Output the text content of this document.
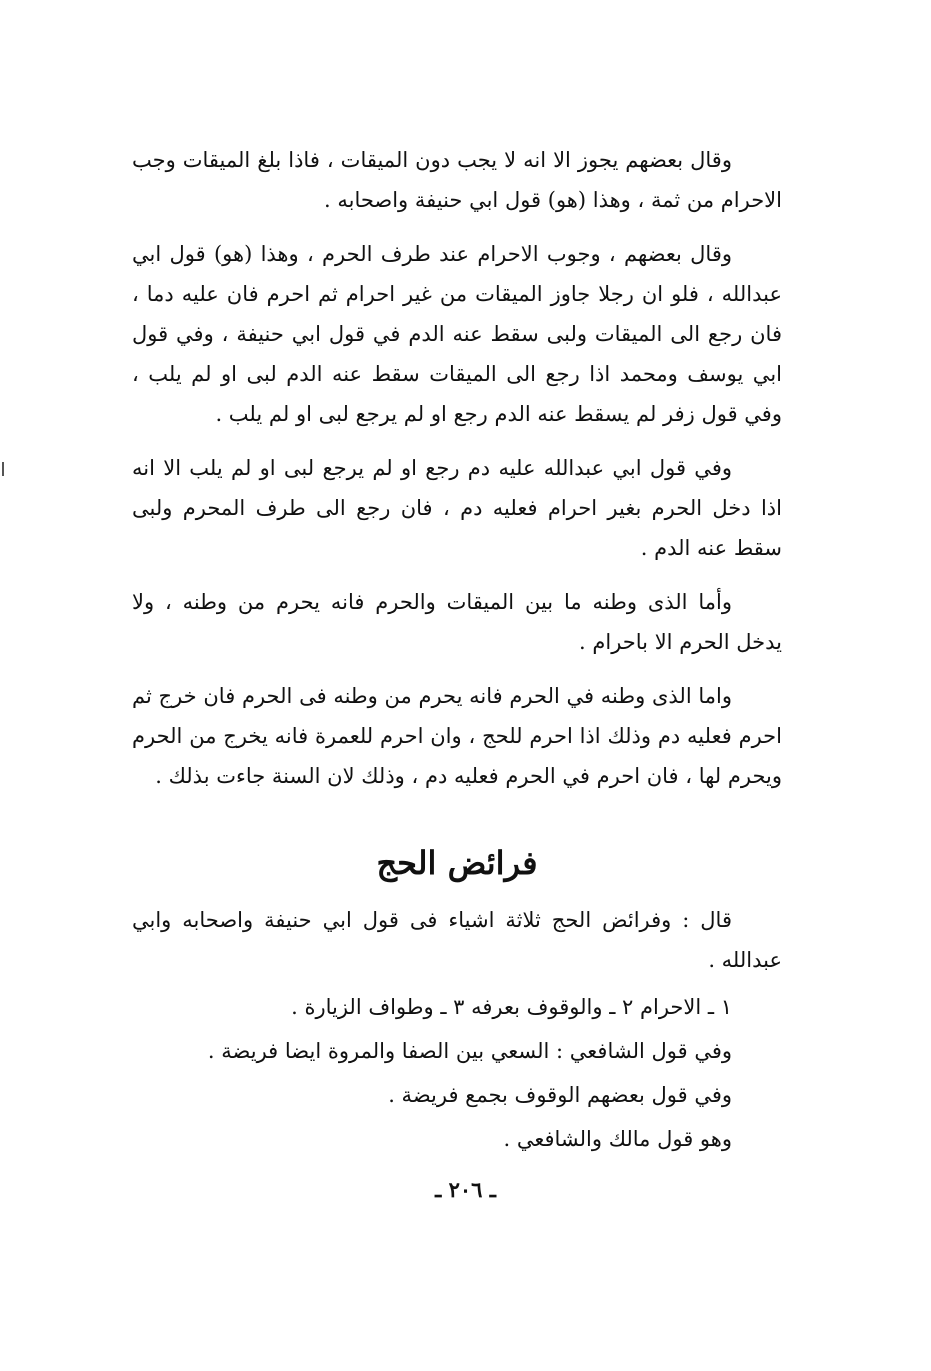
وقال بعضهم يجوز الا انه لا يجب دون الميقات ، فاذا بلغ الميقات وجب الاحرام من ثمة ، وهذا (هو) قول ابي حنيفة واصحابه .

وقال بعضهم ، وجوب الاحرام عند طرف الحرم ، وهذا (هو) قول ابي عبدالله ، فلو ان رجلا جاوز الميقات من غير احرام ثم احرم فان عليه دما ، فان رجع الى الميقات ولبى سقط عنه الدم في قول ابي حنيفة ، وفي قول ابي يوسف ومحمد اذا رجع الى الميقات سقط عنه الدم لبى او لم يلب ، وفي قول زفر لم يسقط عنه الدم رجع او لم يرجع لبى او لم يلب .

وفي قول ابي عبدالله عليه دم رجع او لم يرجع لبى او لم يلب الا انه اذا دخل الحرم بغير احرام فعليه دم ، فان رجع الى طرف المحرم ولبى سقط عنه الدم .

وأما الذى وطنه ما بين الميقات والحرم فانه يحرم من وطنه ، ولا يدخل الحرم الا باحرام .

واما الذى وطنه في الحرم فانه يحرم من وطنه فى الحرم فان خرج ثم احرم فعليه دم وذلك اذا احرم للحج ، وان احرم للعمرة فانه يخرج من الحرم ويحرم لها ، فان احرم في الحرم فعليه دم ، وذلك لان السنة جاءت بذلك .

فرائض الحج

قال : وفرائض الحج ثلاثة اشياء فى قول ابي حنيفة واصحابه وابي عبدالله .

١ ـ الاحرام ٢ ـ والوقوف بعرفه ٣ ـ وطواف الزيارة .
وفي قول الشافعي : السعي بين الصفا والمروة ايضا فريضة .
وفي قول بعضهم الوقوف بجمع فريضة .
وهو قول مالك والشافعي .
ـ ٢٠٦ ـ
